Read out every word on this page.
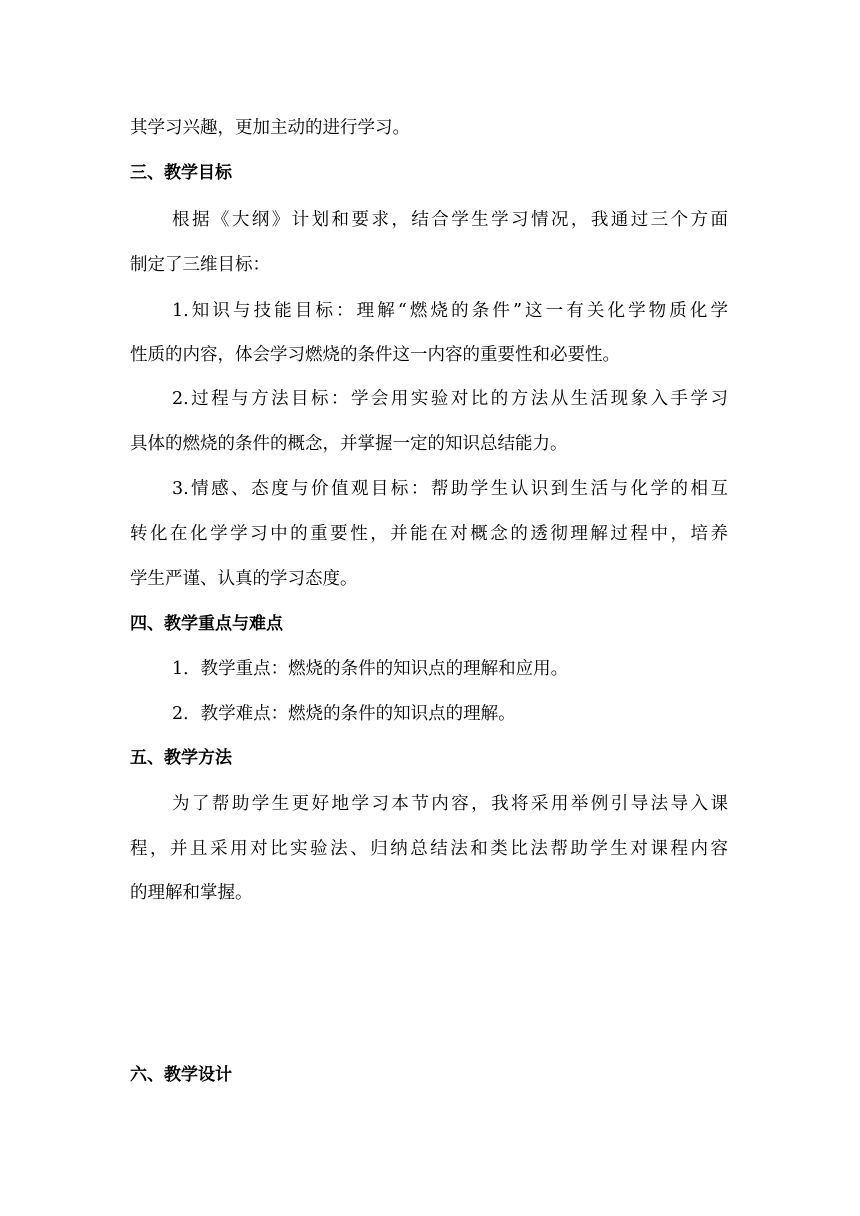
其学习兴趣，更加主动的进行学习。
三、教学目标
根据《大纲》计划和要求，结合学生学习情况，我通过三个方面
制定了三维目标：
1.知识与技能目标：理解“燃烧的条件”这一有关化学物质化学
性质的内容，体会学习燃烧的条件这一内容的重要性和必要性。
2.过程与方法目标：学会用实验对比的方法从生活现象入手学习
具体的燃烧的条件的概念，并掌握一定的知识总结能力。
3.情感、态度与价值观目标：帮助学生认识到生活与化学的相互
转化在化学学习中的重要性，并能在对概念的透彻理解过程中，培养
学生严谨、认真的学习态度。
四、教学重点与难点
1．教学重点：燃烧的条件的知识点的理解和应用。
2．教学难点：燃烧的条件的知识点的理解。
五、教学方法
为了帮助学生更好地学习本节内容，我将采用举例引导法导入课
程，并且采用对比实验法、归纳总结法和类比法帮助学生对课程内容
的理解和掌握。
六、教学设计
